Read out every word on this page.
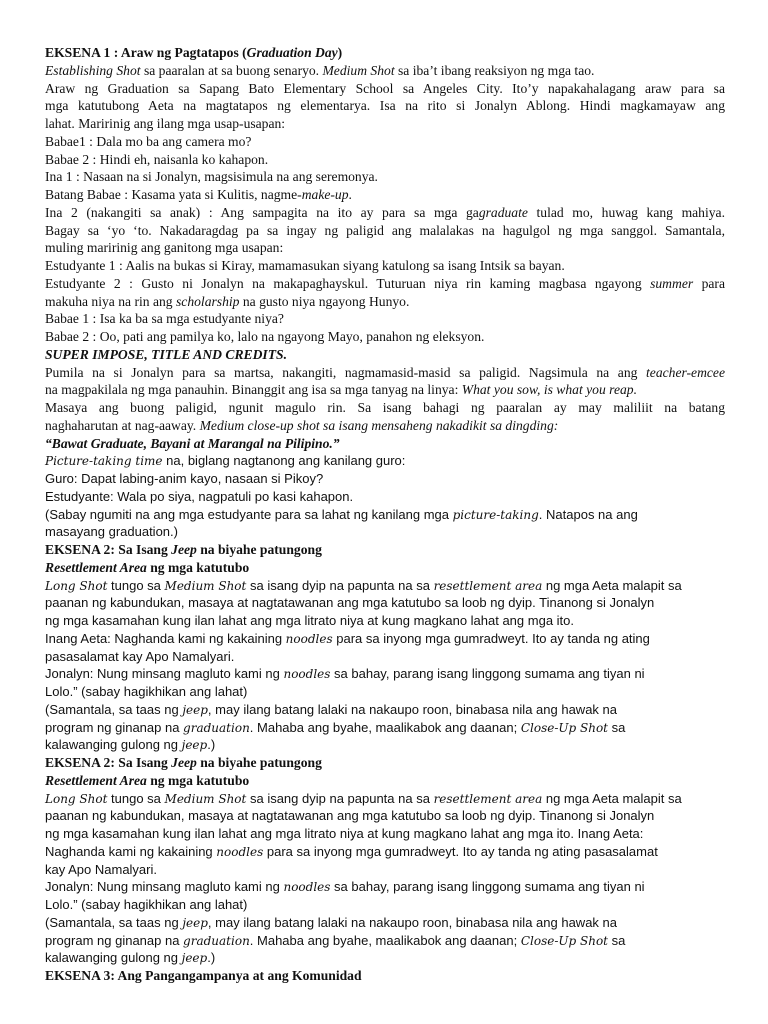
EKSENA 1 : Araw ng Pagtatapos (Graduation Day)
Establishing Shot sa paaralan at sa buong senaryo. Medium Shot sa iba’t ibang reaksiyon ng mga tao.
Araw ng Graduation sa Sapang Bato Elementary School sa Angeles City. Ito’y napakahalagang araw para sa
mga katutubong Aeta na magtatapos ng elementarya. Isa na rito si Jonalyn Ablong. Hindi magkamayaw ang
lahat. Maririnig ang ilang mga usap-usapan:
Babae1 : Dala mo ba ang camera mo?
Babae 2 : Hindi eh, naisanla ko kahapon.
Ina 1 : Nasaan na si Jonalyn, magsisimula na ang seremonya.
Batang Babae : Kasama yata si Kulitis, nagme-make-up.
Ina 2 (nakangiti sa anak) : Ang sampagita na ito ay para sa mga gagraduate tulad mo, huwag kang mahiya.
Bagay sa ‘yo ‘to. Nakadaragdag pa sa ingay ng paligid ang malalakas na hagulgol ng mga sanggol. Samantala,
muling maririnig ang ganitong mga usapan:
Estudyante 1 : Aalis na bukas si Kiray, mamamasukan siyang katulong sa isang Intsik sa bayan.
Estudyante 2 : Gusto ni Jonalyn na makapaghayskul. Tuturuan niya rin kaming magbasa ngayong summer para
makuha niya na rin ang scholarship na gusto niya ngayong Hunyo.
Babae 1 : Isa ka ba sa mga estudyante niya?
Babae 2 : Oo, pati ang pamilya ko, lalo na ngayong Mayo, panahon ng eleksyon.
SUPER IMPOSE, TITLE AND CREDITS.
Pumila na si Jonalyn para sa martsa, nakangiti, nagmamasid-masid sa paligid. Nagsimula na ang teacher-emcee
na magpakilala ng mga panauhin. Binanggit ang isa sa mga tanyag na linya: What you sow, is what you reap.
Masaya ang buong paligid, ngunit magulo rin. Sa isang bahagi ng paaralan ay may maliliit na batang
naghaharutan at nag-aaway. Medium close-up shot sa isang mensaheng nakadikit sa dingding:
“Bawat Graduate, Bayani at Marangal na Pilipino.”
Picture-taking time na, biglang nagtanong ang kanilang guro:
Guro: Dapat labing-anim kayo, nasaan si Pikoy?
Estudyante: Wala po siya, nagpatuli po kasi kahapon.
(Sabay ngumiti na ang mga estudyante para sa lahat ng kanilang mga picture-taking. Natapos na ang
masayang graduation.)
EKSENA 2: Sa Isang Jeep na biyahe patungong
Resettlement Area ng mga katutubo
Long Shot tungo sa Medium Shot sa isang dyip na papunta na sa resettlement area ng mga Aeta malapit sa
paanan ng kabundukan, masaya at nagtatawanan ang mga katutubo sa loob ng dyip. Tinanong si Jonalyn
ng mga kasamahan kung ilan lahat ang mga litrato niya at kung magkano lahat ang mga ito.
Inang Aeta: Naghanda kami ng kakaining noodles para sa inyong mga gumradweyt. Ito ay tanda ng ating
pasasalamat kay Apo Namalyari.
Jonalyn: Nung minsang magluto kami ng noodles sa bahay, parang isang linggong sumama ang tiyan ni
Lolo.” (sabay hagikhikan ang lahat)
(Samantala, sa taas ng jeep, may ilang batang lalaki na nakaupo roon, binabasa nila ang hawak na
program ng ginanap na graduation. Mahaba ang byahe, maalikabok ang daanan; Close-Up Shot sa
kalawanging gulong ng jeep.)
EKSENA 2: Sa Isang Jeep na biyahe patungong
Resettlement Area ng mga katutubo
Long Shot tungo sa Medium Shot sa isang dyip na papunta na sa resettlement area ng mga Aeta malapit sa
paanan ng kabundukan, masaya at nagtatawanan ang mga katutubo sa loob ng dyip. Tinanong si Jonalyn
ng mga kasamahan kung ilan lahat ang mga litrato niya at kung magkano lahat ang mga ito. Inang Aeta:
Naghanda kami ng kakaining noodles para sa inyong mga gumradweyt. Ito ay tanda ng ating pasasalamat
kay Apo Namalyari.
Jonalyn: Nung minsang magluto kami ng noodles sa bahay, parang isang linggong sumama ang tiyan ni
Lolo.” (sabay hagikhikan ang lahat)
(Samantala, sa taas ng jeep, may ilang batang lalaki na nakaupo roon, binabasa nila ang hawak na
program ng ginanap na graduation. Mahaba ang byahe, maalikabok ang daanan; Close-Up Shot sa
kalawanging gulong ng jeep.)
EKSENA 3: Ang Pangangampanya at ang Komunidad
